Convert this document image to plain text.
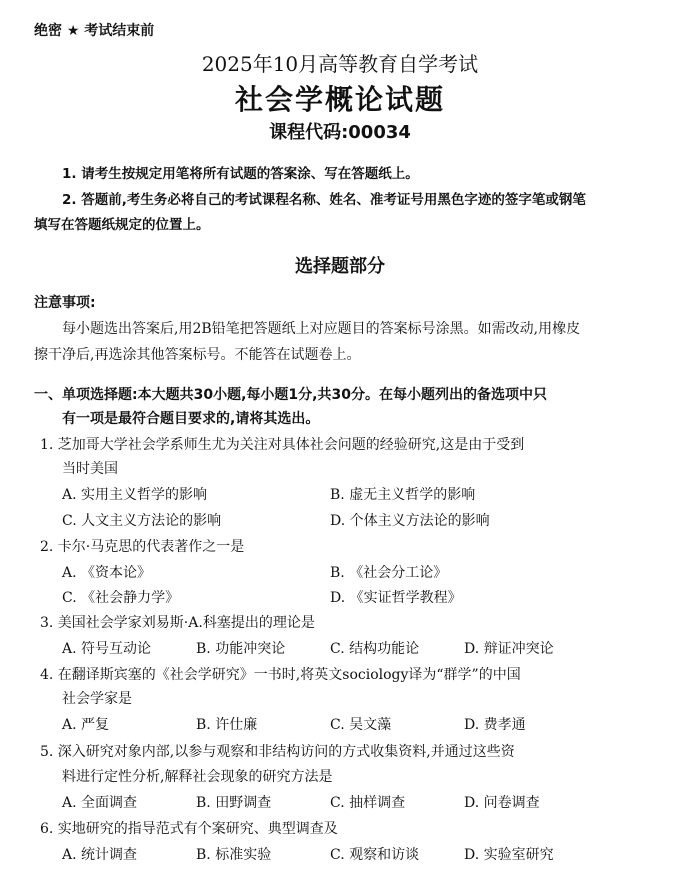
绝密 ★ 考试结束前
2025年10月高等教育自学考试
社会学概论试题
课程代码:00034
1. 请考生按规定用笔将所有试题的答案涂、写在答题纸上。
2. 答题前,考生务必将自己的考试课程名称、姓名、准考证号用黑色字迹的签字笔或钢笔
填写在答题纸规定的位置上。
选择题部分
注意事项:
每小题选出答案后,用2B铅笔把答题纸上对应题目的答案标号涂黑。如需改动,用橡皮
擦干净后,再选涂其他答案标号。不能答在试题卷上。
一、单项选择题:本大题共30小题,每小题1分,共30分。在每小题列出的备选项中只
有一项是最符合题目要求的,请将其选出。
1. 芝加哥大学社会学系师生尤为关注对具体社会问题的经验研究,这是由于受到
当时美国
A. 实用主义哲学的影响	B. 虚无主义哲学的影响
C. 人文主义方法论的影响	D. 个体主义方法论的影响
2. 卡尔·马克思的代表著作之一是
A. 《资本论》	B. 《社会分工论》
C. 《社会静力学》	D. 《实证哲学教程》
3. 美国社会学家刘易斯·A.科塞提出的理论是
A. 符号互动论	B. 功能冲突论	C. 结构功能论	D. 辩证冲突论
4. 在翻译斯宾塞的《社会学研究》一书时,将英文sociology译为“群学”的中国
社会学家是
A. 严复	B. 许仕廉	C. 吴文藻	D. 费孝通
5. 深入研究对象内部,以参与观察和非结构访问的方式收集资料,并通过这些资
料进行定性分析,解释社会现象的研究方法是
A. 全面调查	B. 田野调查	C. 抽样调查	D. 问卷调查
6. 实地研究的指导范式有个案研究、典型调查及
A. 统计调查	B. 标准实验	C. 观察和访谈	D. 实验室研究
